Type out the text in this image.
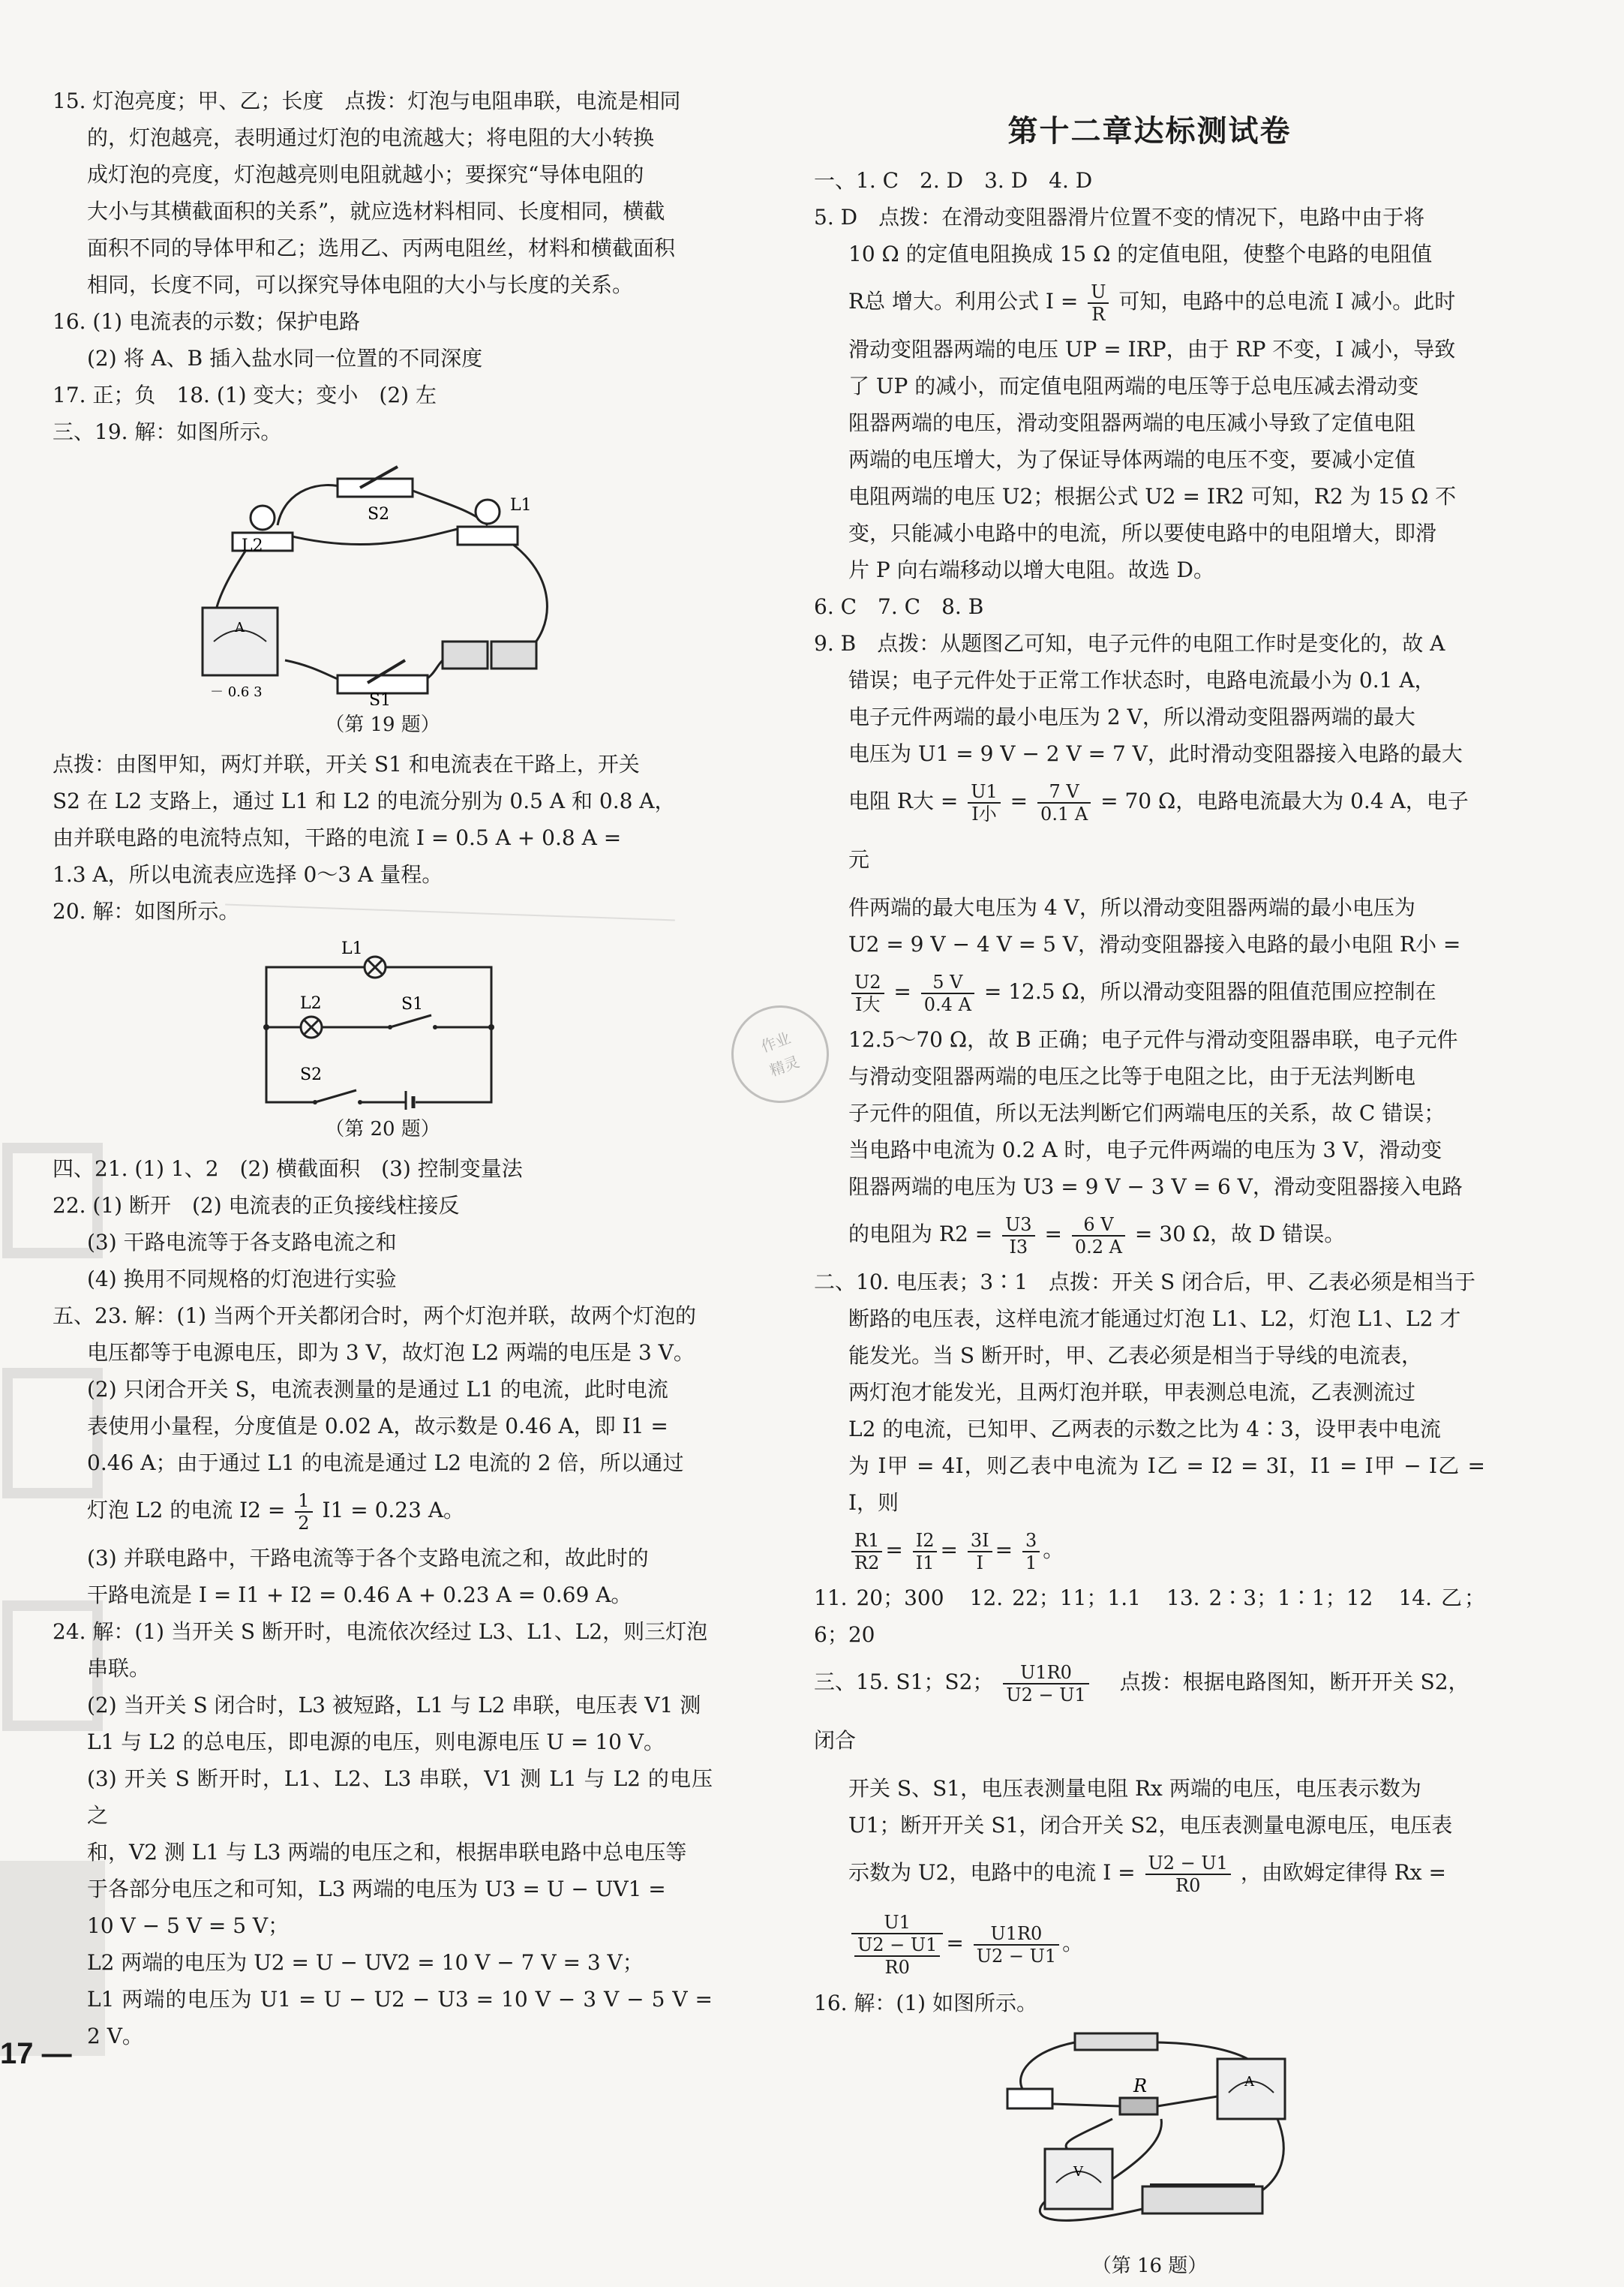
作业
精灵

15. 灯泡亮度；甲、乙；长度　点拨：灯泡与电阻串联，电流是相同

的，灯泡越亮，表明通过灯泡的电流越大；将电阻的大小转换

成灯泡的亮度，灯泡越亮则电阻就越小；要探究“导体电阻的

大小与其横截面积的关系”，就应选材料相同、长度相同，横截

面积不同的导体甲和乙；选用乙、丙两电阻丝，材料和横截面积

相同，长度不同，可以探究导体电阻的大小与长度的关系。

16. (1) 电流表的示数；保护电路

(2) 将 A、B 插入盐水同一位置的不同深度

17. 正；负　18. (1) 变大；变小　(2) 左

三、19. 解：如图所示。

L2
S2	L1
S1
A
－ 0.6 3

（第 19 题）

点拨：由图甲知，两灯并联，开关 S1 和电流表在干路上，开关

S2 在 L2 支路上，通过 L1 和 L2 的电流分别为 0.5 A 和 0.8 A，

由并联电路的电流特点知，干路的电流 I = 0.5 A + 0.8 A =

1.3 A，所以电流表应选择 0～3 A 量程。

20. 解：如图所示。

L1
L2	S1
S2

（第 20 题）

四、21. (1) 1、2　(2) 横截面积　(3) 控制变量法

22. (1) 断开　(2) 电流表的正负接线柱接反

(3) 干路电流等于各支路电流之和

(4) 换用不同规格的灯泡进行实验

五、23. 解：(1) 当两个开关都闭合时，两个灯泡并联，故两个灯泡的

电压都等于电源电压，即为 3 V，故灯泡 L2 两端的电压是 3 V。

(2) 只闭合开关 S，电流表测量的是通过 L1 的电流，此时电流

表使用小量程，分度值是 0.02 A，故示数是 0.46 A，即 I1 =

0.46 A；由于通过 L1 的电流是通过 L2 电流的 2 倍，所以通过

灯泡 L2 的电流 $I2 = \frac{1}{2} I1 = 0.23$ A。

(3) 并联电路中，干路电流等于各个支路电流之和，故此时的

干路电流是 I = I1 + I2 = 0.46 A + 0.23 A = 0.69 A。

24. 解：(1) 当开关 S 断开时，电流依次经过 L3、L1、L2，则三灯泡

串联。

(2) 当开关 S 闭合时，L3 被短路，L1 与 L2 串联，电压表 V1 测

L1 与 L2 的总电压，即电源的电压，则电源电压 U = 10 V。

(3) 开关 S 断开时，L1、L2、L3 串联，V1 测 L1 与 L2 的电压之

和，V2 测 L1 与 L3 两端的电压之和，根据串联电路中总电压等

于各部分电压之和可知，L3 两端的电压为 U3 = U − UV1 =

10 V − 5 V = 5 V；

L2 两端的电压为 U2 = U − UV2 = 10 V − 7 V = 3 V；

L1 两端的电压为 U1 = U − U2 − U3 = 10 V − 3 V − 5 V = 2 V。

17 —
第十二章达标测试卷

一、1. C　2. D　3. D　4. D

5. D　点拨：在滑动变阻器滑片位置不变的情况下，电路中由于将

10 Ω 的定值电阻换成 15 Ω 的定值电阻，使整个电路的电阻值

R总 增大。利用公式 $I = \frac{U}{R}$ 可知，电路中的总电流 I 减小。此时

滑动变阻器两端的电压 UP = IRP，由于 RP 不变，I 减小，导致

了 UP 的减小，而定值电阻两端的电压等于总电压减去滑动变

阻器两端的电压，滑动变阻器两端的电压减小导致了定值电阻

两端的电压增大，为了保证导体两端的电压不变，要减小定值

电阻两端的电压 U2；根据公式 U2 = IR2 可知，R2 为 15 Ω 不

变，只能减小电路中的电流，所以要使电路中的电阻增大，即滑

片 P 向右端移动以增大电阻。故选 D。

6. C　7. C　8. B

9. B　点拨：从题图乙可知，电子元件的电阻工作时是变化的，故 A

错误；电子元件处于正常工作状态时，电路电流最小为 0.1 A，

电子元件两端的最小电压为 2 V，所以滑动变阻器两端的最大

电压为 U1 = 9 V − 2 V = 7 V，此时滑动变阻器接入电路的最大

电阻 R大 = $\frac{U1}{\text{I小}} = \frac{7 V}{0.1 A} = 70$ Ω，电路电流最大为 0.4 A，电子元

件两端的最大电压为 4 V，所以滑动变阻器两端的最小电压为

U2 = 9 V − 4 V = 5 V，滑动变阻器接入电路的最小电阻 R小 =

$\frac{U2}{\text{I大}} = \frac{5 V}{0.4 A} = 12.5$ Ω，所以滑动变阻器的阻值范围应控制在

12.5～70 Ω，故 B 正确；电子元件与滑动变阻器串联，电子元件

与滑动变阻器两端的电压之比等于电阻之比，由于无法判断电

子元件的阻值，所以无法判断它们两端电压的关系，故 C 错误；

当电路中电流为 0.2 A 时，电子元件两端的电压为 3 V，滑动变

阻器两端的电压为 U3 = 9 V − 3 V = 6 V，滑动变阻器接入电路

的电阻为 $R2 = \frac{U3}{I3} = \frac{6 V}{0.2 A} = 30$ Ω，故 D 错误。

二、10. 电压表；3∶1　点拨：开关 S 闭合后，甲、乙表必须是相当于

断路的电压表，这样电流才能通过灯泡 L1、L2，灯泡 L1、L2 才

能发光。当 S 断开时，甲、乙表必须是相当于导线的电流表，

两灯泡才能发光，且两灯泡并联，甲表测总电流，乙表测流过

L2 的电流，已知甲、乙两表的示数之比为 4∶3，设甲表中电流

为 I甲 = 4I，则乙表中电流为 I乙 = I2 = 3I，I1 = I甲 − I乙 = I，则

$\frac{R1}{R2} = \frac{I2}{I1} = \frac{3I}{I} = \frac{3}{1}$ 。

11. 20；300　12. 22；11；1.1　13. 2∶3；1∶1；12　14. 乙；6；20

三、15. S1；S2； $\frac{U1R0}{U2 - U1}$ 　点拨：根据电路图知，断开开关 S2，闭合

开关 S、S1，电压表测量电阻 Rx 两端的电压，电压表示数为

U1；断开开关 S1，闭合开关 S2，电压表测量电源电压，电压表

示数为 U2，电路中的电流 $I = \frac{U2 - U1}{R0}$ ，由欧姆定律得 Rx =

$\frac{U1}{\frac{U2 - U1}{R0}} = \frac{U1R0}{U2 - U1}$ 。

16. 解：(1) 如图所示。

R	A
V

（第 16 题）
